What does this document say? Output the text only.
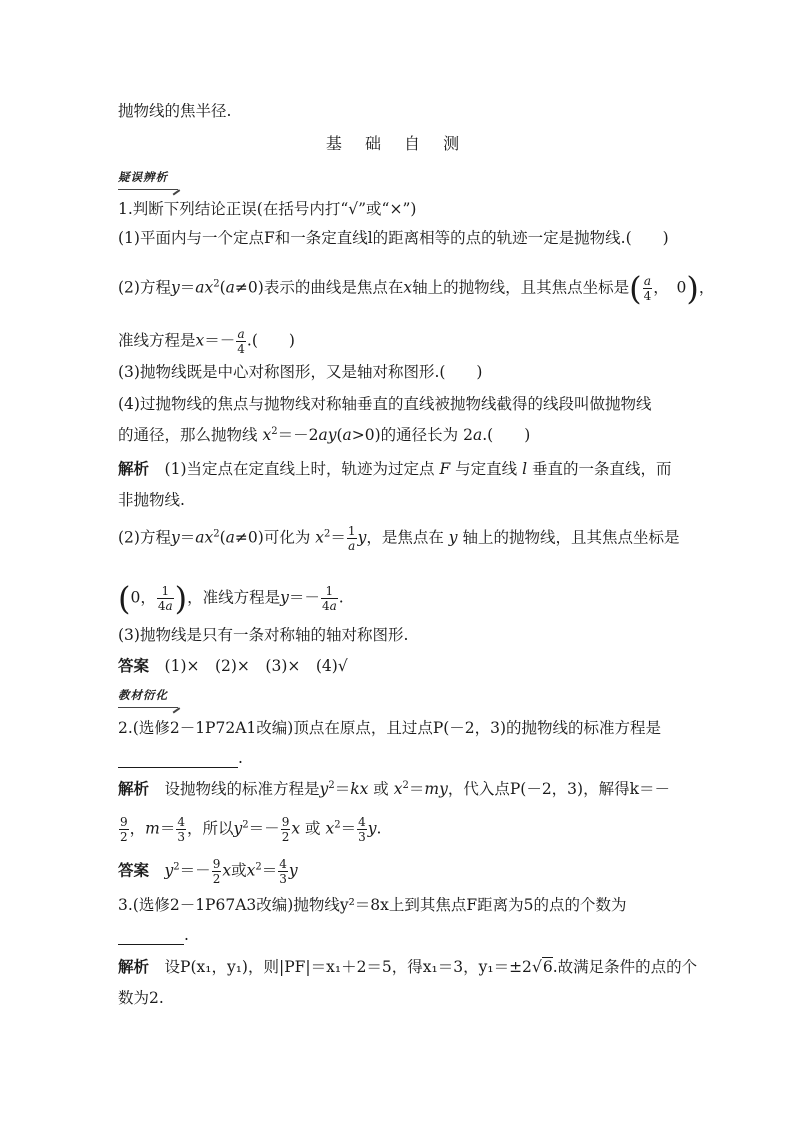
抛物线的焦半径.
基 础 自 测
疑误辨析
1.判断下列结论正误(在括号内打“√”或“×”)
(1)平面内与一个定点F和一条定直线l的距离相等的点的轨迹一定是抛物线.(　　)
(2)方程$y=ax^2(a\ne 0)$表示的曲线是焦点在x轴上的抛物线，且其焦点坐标是( $\frac{a}{4}$ ，　0)，
准线方程是$x=- \frac{a}{4}$ .(　　)
(3)抛物线既是中心对称图形，又是轴对称图形.(　　)
(4)过抛物线的焦点与抛物线对称轴垂直的直线被抛物线截得的线段叫做抛物线
的通径，那么抛物线 $x^2=-2ay(a>0)$的通径长为 2a.(　　)
解析　 (1)当定点在定直线上时，轨迹为过定点 F 与定直线 l 垂直的一条直线，而
非抛物线.
(2)方程$y=ax^2(a\ne 0)$可化为 $x^2= \frac{1}{a}$ y，是焦点在 y 轴上的抛物线，且其焦点坐标是
(0， $\frac{1}{4a}$ )，准线方程是$y=- \frac{1}{4a}$ .
(3)抛物线是只有一条对称轴的轴对称图形.
答案　 (1)×　(2)×　(3)×　(4)√
教材衍化
2.(选修2－1P72A1改编)顶点在原点，且过点P(－2，3)的抛物线的标准方程是
.
解析　 设抛物线的标准方程是$y^2=kx$ 或 $x^2=my$，代入点P(－2，3)，解得k＝－
$\frac{9}{2}$ ，$m= \frac{4}{3}$ ，所以$y^2=- \frac{9}{2}$ x 或 $x^2= \frac{4}{3} y$.
答案　 $y^2=- \frac{9}{2}$ x或$x^2= \frac{4}{3}$ y
3.(选修2－1P67A3改编)抛物线y²＝8x上到其焦点F距离为5的点的个数为
.
解析　 设P(x₁，y₁)，则|PF|＝x₁＋2＝5，得x₁＝3，y₁＝±2√6.故满足条件的点的个
数为2.
